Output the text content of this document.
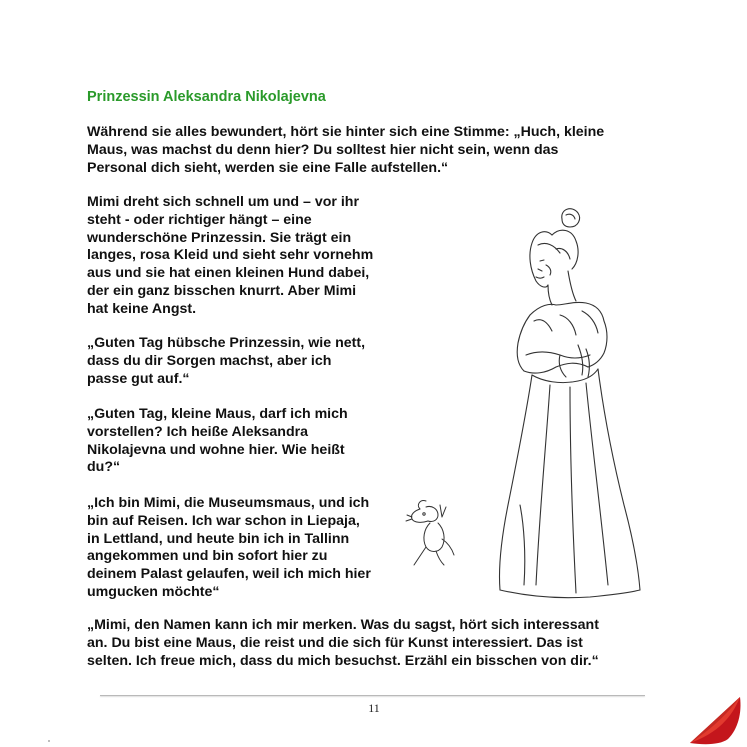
Prinzessin Aleksandra Nikolajevna

Während sie alles bewundert, hört sie hinter sich eine Stimme: „Huch, kleine
Maus, was machst du denn hier? Du solltest hier nicht sein, wenn das
Personal dich sieht, werden sie eine Falle aufstellen.“

Mimi dreht sich schnell um und – vor ihr
steht - oder richtiger hängt – eine
wunderschöne Prinzessin. Sie trägt ein
langes, rosa Kleid und sieht sehr vornehm
aus und sie hat einen kleinen Hund dabei,
der ein ganz bisschen knurrt. Aber Mimi
hat keine Angst.

„Guten Tag hübsche Prinzessin, wie nett,
dass du dir Sorgen machst, aber ich
passe gut auf.“

„Guten Tag, kleine Maus, darf ich mich
vorstellen? Ich heiße Aleksandra
Nikolajevna und wohne hier. Wie heißt
du?“

„Ich bin Mimi, die Museumsmaus, und ich
bin auf Reisen. Ich war schon in Liepaja,
in Lettland, und heute bin ich in Tallinn
angekommen und bin sofort hier zu
deinem Palast gelaufen, weil ich mich hier
umgucken möchte“

„Mimi, den Namen kann ich mir merken. Was du sagst, hört sich interessant
an. Du bist eine Maus, die reist und die sich für Kunst interessiert. Das ist
selten. Ich freue mich, dass du mich besuchst. Erzähl ein bisschen von dir.“

11
